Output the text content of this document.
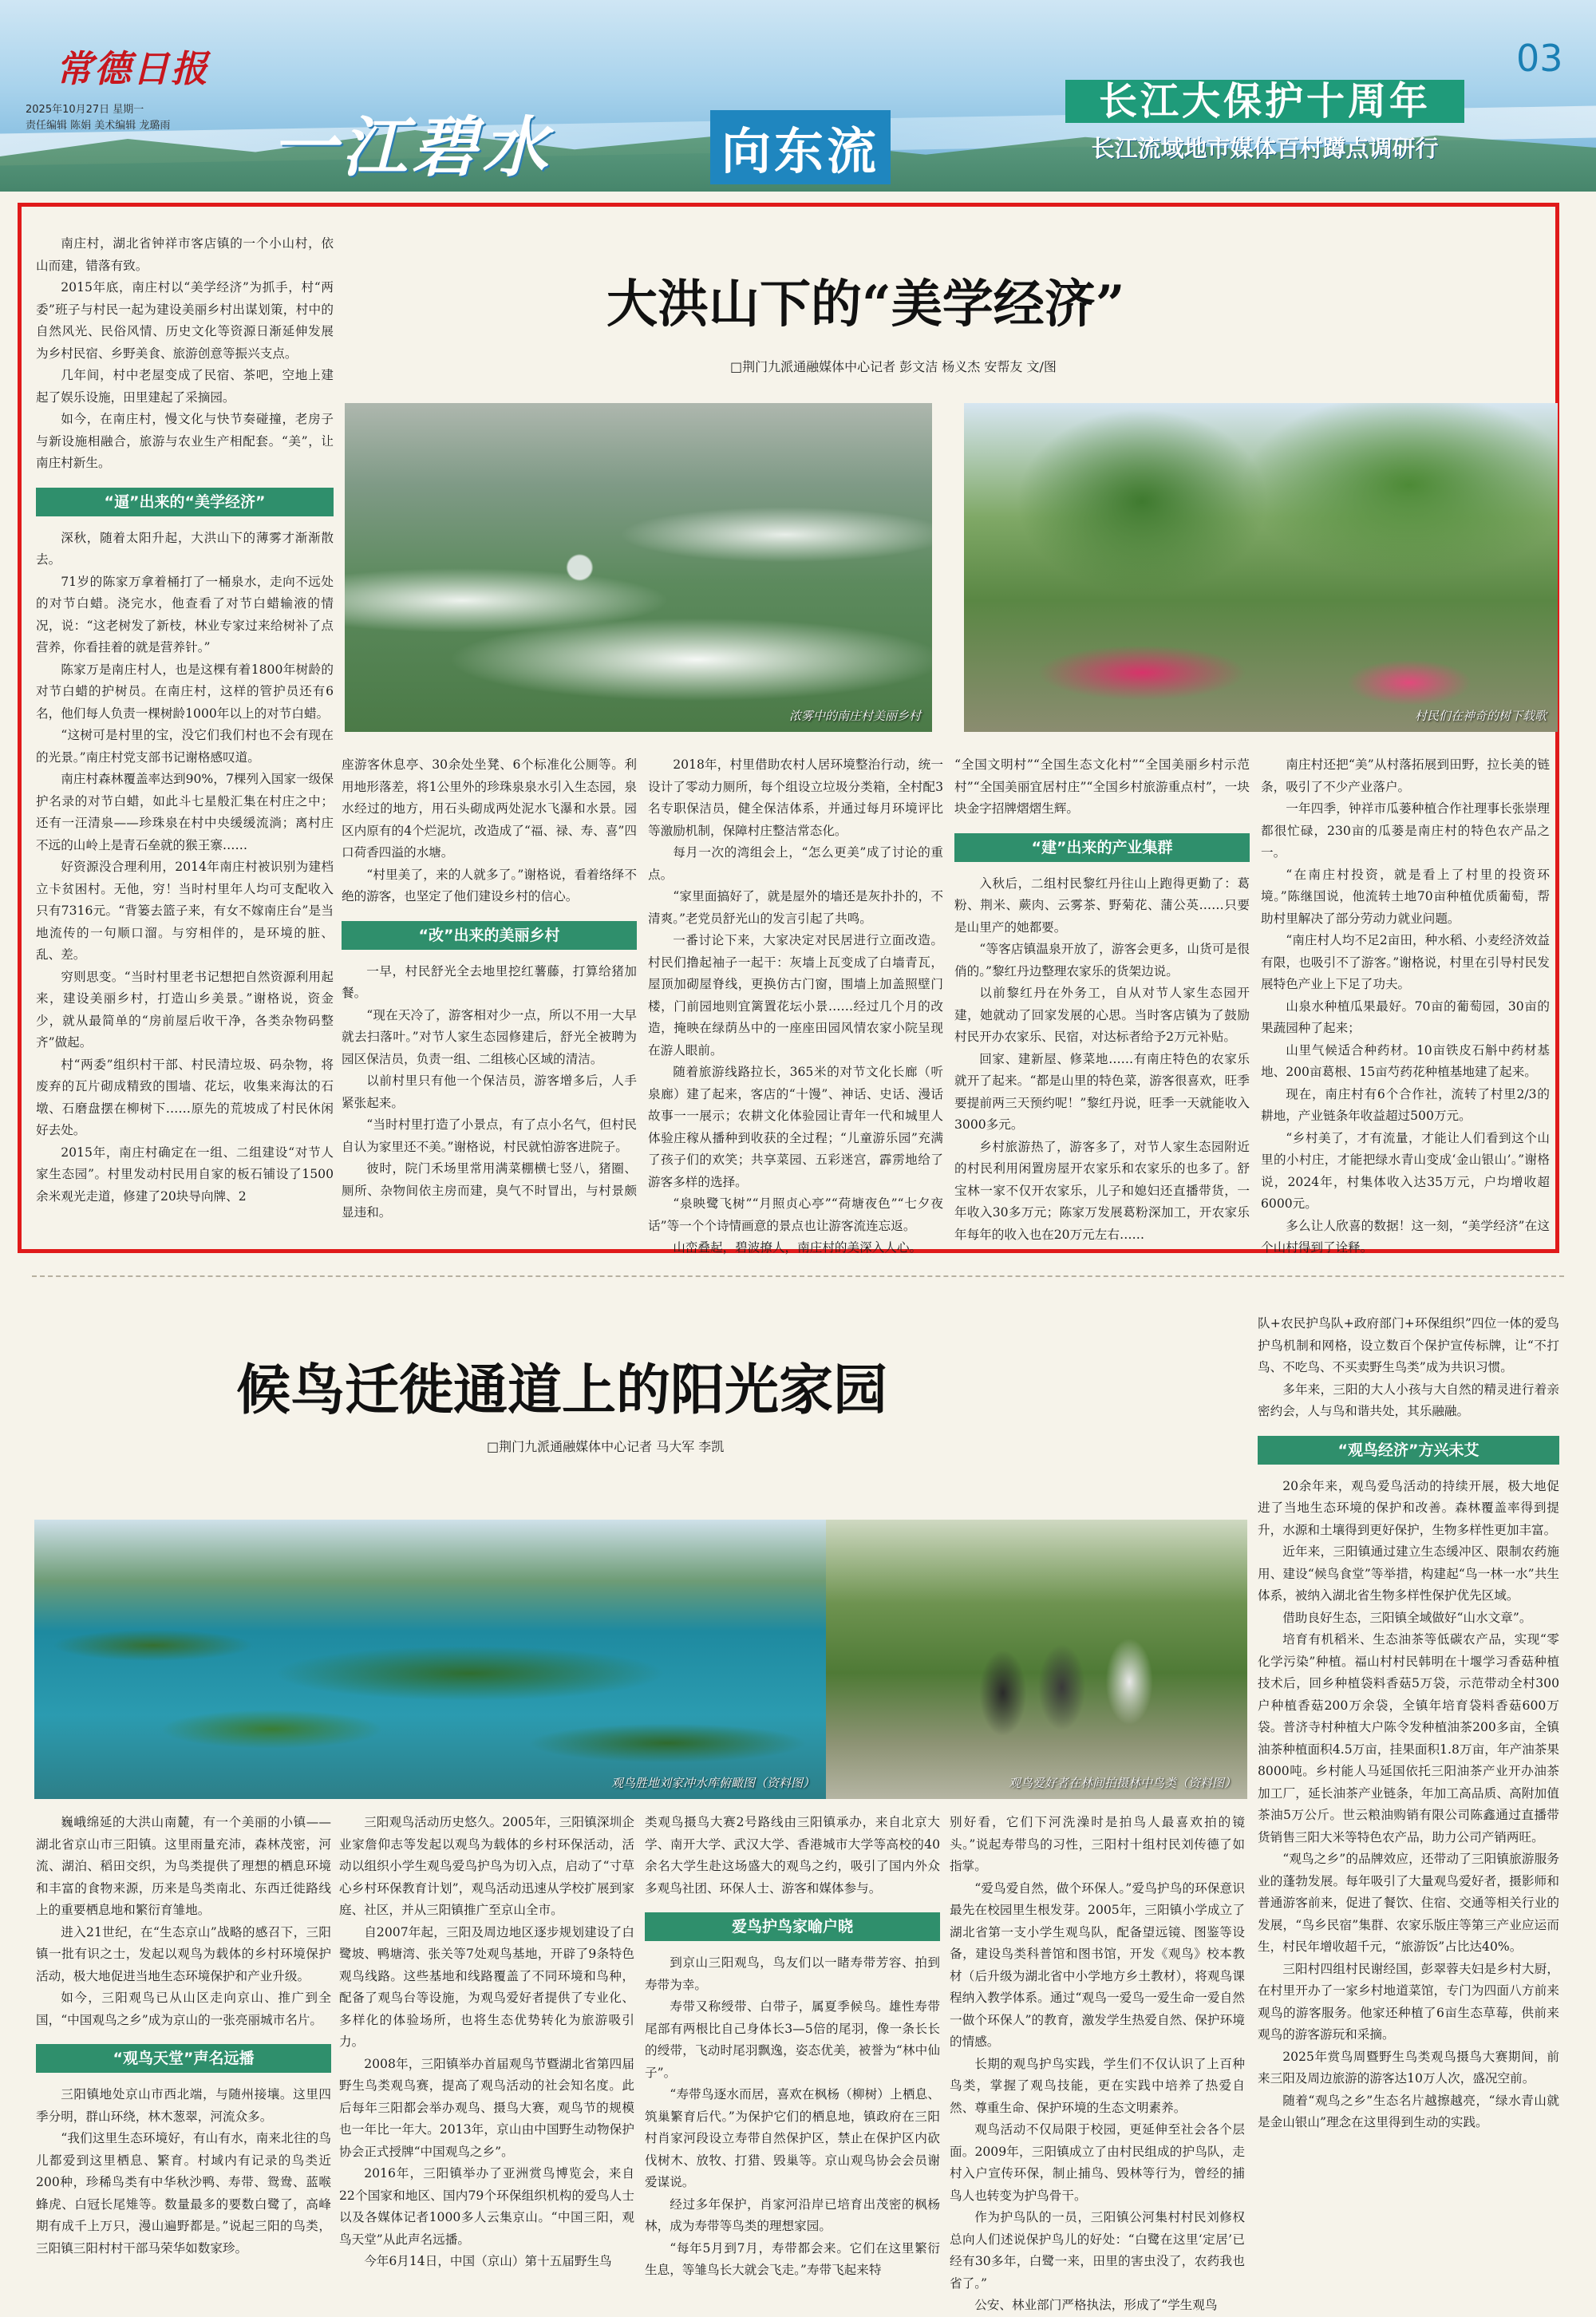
常德日报
2025年10月27日 星期一
责任编辑 陈娟 美术编辑 龙璐雨 一江碧水	向东流
长江大保护十周年
长江流域地市媒体百村蹲点调研行
03
大洪山下的“美学经济”
□荆门九派通融媒体中心记者 彭文洁 杨义杰 安帮友 文/图
浓雾中的南庄村美丽乡村	村民们在神奇的树下载歌

南庄村，湖北省钟祥市客店镇的一个小山村，依山而建，错落有致。

2015年底，南庄村以“美学经济”为抓手，村“两委”班子与村民一起为建设美丽乡村出谋划策，村中的自然风光、民俗风情、历史文化等资源日渐延伸发展为乡村民宿、乡野美食、旅游创意等振兴支点。

几年间，村中老屋变成了民宿、茶吧，空地上建起了娱乐设施，田里建起了采摘园。

如今，在南庄村，慢文化与快节奏碰撞，老房子与新设施相融合，旅游与农业生产相配套。“美”，让南庄村新生。

“逼”出来的“美学经济”

深秋，随着太阳升起，大洪山下的薄雾才渐渐散去。

71岁的陈家万拿着桶打了一桶泉水，走向不远处的对节白蜡。浇完水，他查看了对节白蜡输液的情况，说：“这老树发了新枝，林业专家过来给树补了点营养，你看挂着的就是营养针。”

陈家万是南庄村人，也是这棵有着1800年树龄的对节白蜡的护树员。在南庄村，这样的管护员还有6名，他们每人负责一棵树龄1000年以上的对节白蜡。

“这树可是村里的宝，没它们我们村也不会有现在的光景。”南庄村党支部书记谢格感叹道。

南庄村森林覆盖率达到90%，7棵列入国家一级保护名录的对节白蜡，如此斗七星般汇集在村庄之中；还有一汪清泉——珍珠泉在村中央缓缓流淌；离村庄不远的山岭上是青石垒就的猴王寨……

好资源没合理利用，2014年南庄村被识别为建档立卡贫困村。无他，穷！当时村里年人均可支配收入只有7316元。“背篓去篮子来，有女不嫁南庄台”是当地流传的一句顺口溜。与穷相伴的，是环境的脏、乱、差。

穷则思变。“当时村里老书记想把自然资源利用起来，建设美丽乡村，打造山乡美景。”谢格说，资金少，就从最简单的“房前屋后收干净，各类杂物码整齐”做起。

村“两委”组织村干部、村民清垃圾、码杂物，将废弃的瓦片砌成精致的围墙、花坛，收集来海汰的石墩、石磨盘摆在柳树下……原先的荒坡成了村民休闲好去处。

2015年，南庄村确定在一组、二组建设“对节人家生态园”。村里发动村民用自家的板石铺设了1500余米观光走道，修建了20块导向牌、2

座游客休息亭、30余处坐凳、6个标准化公厕等。利用地形落差，将1公里外的珍珠泉泉水引入生态园，泉水经过的地方，用石头砌成两处泥水飞瀑和水景。园区内原有的4个烂泥坑，改造成了“福、禄、寿、喜”四口荷香四溢的水塘。

“村里美了，来的人就多了。”谢格说，看着络绎不绝的游客，也坚定了他们建设乡村的信心。

“改”出来的美丽乡村

一早，村民舒光全去地里挖红薯藤，打算给猪加餐。

“现在天冷了，游客相对少一点，所以不用一大早就去扫落叶。”对节人家生态园修建后，舒光全被聘为园区保洁员，负责一组、二组核心区域的清洁。

以前村里只有他一个保洁员，游客增多后，人手紧张起来。

“当时村里打造了小景点，有了点小名气，但村民自认为家里还不美。”谢格说，村民就怕游客进院子。

彼时，院门禾场里常用满菜棚横七竖八，猪圈、厕所、杂物间依主房而建，臭气不时冒出，与村景颇显违和。

2018年，村里借助农村人居环境整治行动，统一设计了零动力厕所，每个组设立垃圾分类箱，全村配3名专职保洁员，健全保洁体系，并通过每月环境评比等激励机制，保障村庄整洁常态化。

每月一次的湾组会上，“怎么更美”成了讨论的重点。

“家里面搞好了，就是屋外的墙还是灰扑扑的，不清爽。”老党员舒光山的发言引起了共鸣。

一番讨论下来，大家决定对民居进行立面改造。村民们撸起袖子一起干：灰墙上瓦变成了白墙青瓦，屋顶加砌屋脊线，更换仿古门窗，围墙上加盖照壁门楼，门前园地则宜篱置花坛小景……经过几个月的改造，掩映在绿荫丛中的一座座田园风情农家小院呈现在游人眼前。

随着旅游线路拉长，365米的对节文化长廊（听泉廊）建了起来，客店的“十馒”、神话、史话、漫话故事一一展示；农耕文化体验园让青年一代和城里人体验庄稼从播种到收获的全过程；“儿童游乐园”充满了孩子们的欢笑；共享菜园、五彩迷宫，霹雳地给了游客多样的选择。

“泉映鹭飞树”“月照贞心亭”“荷塘夜色”“七夕夜话”等一个个诗情画意的景点也让游客流连忘返。

山峦叠起，碧波撩人，南庄村的美深入人心。

“全国文明村”“全国生态文化村”“全国美丽乡村示范村”“全国美丽宜居村庄”“全国乡村旅游重点村”，一块块金字招牌熠熠生辉。

“建”出来的产业集群

入秋后，二组村民黎红丹往山上跑得更勤了：葛粉、荆米、蕨肉、云雾茶、野菊花、蒲公英……只要是山里产的她都要。

“等客店镇温泉开放了，游客会更多，山货可是很俏的。”黎红丹边整理农家乐的货架边说。

以前黎红丹在外务工，自从对节人家生态园开建，她就动了回家发展的心思。当时客店镇为了鼓励村民开办农家乐、民宿，对达标者给予2万元补贴。

回家、建新屋、修菜地……有南庄特色的农家乐就开了起来。“都是山里的特色菜，游客很喜欢，旺季要提前两三天预约呢！”黎红丹说，旺季一天就能收入3000多元。

乡村旅游热了，游客多了，对节人家生态园附近的村民利用闲置房屋开农家乐和农家乐的也多了。舒宝林一家不仅开农家乐，儿子和媳妇还直播带货，一年收入30多万元；陈家万发展葛粉深加工，开农家乐年每年的收入也在20万元左右……

南庄村还把“美”从村落拓展到田野，拉长美的链条，吸引了不少产业落户。

一年四季，钟祥市瓜蒌种植合作社理事长张崇理都很忙碌，230亩的瓜蒌是南庄村的特色农产品之一。

“在南庄村投资，就是看上了村里的投资环境。”陈继国说，他流转土地70亩种植优质葡萄，帮助村里解决了部分劳动力就业问题。

“南庄村人均不足2亩田，种水稻、小麦经济效益有限，也吸引不了游客。”谢格说，村里在引导村民发展特色产业上下足了功夫。

山泉水种植瓜果最好。70亩的葡萄园，30亩的果蔬园种了起来；

山里气候适合种药材。10亩铁皮石斛中药材基地、200亩葛根、15亩芍药花种植基地建了起来。

现在，南庄村有6个合作社，流转了村里2/3的耕地，产业链条年收益超过500万元。

“乡村美了，才有流量，才能让人们看到这个山里的小村庄，才能把绿水青山变成‘金山银山’。”谢格说，2024年，村集体收入达35万元，户均增收超6000元。

多么让人欣喜的数据！这一刻，“美学经济”在这个山村得到了诠释。

候鸟迁徙通道上的阳光家园
□荆门九派通融媒体中心记者 马大军 李凯
观鸟胜地刘家冲水库俯瞰图（资料图）	观鸟爱好者在林间拍摄林中鸟类（资料图）

巍峨绵延的大洪山南麓，有一个美丽的小镇——湖北省京山市三阳镇。这里雨量充沛，森林茂密，河流、湖泊、稻田交织，为鸟类提供了理想的栖息环境和丰富的食物来源，历来是鸟类南北、东西迁徙路线上的重要栖息地和繁衍育雏地。

进入21世纪，在“生态京山”战略的感召下，三阳镇一批有识之士，发起以观鸟为载体的乡村环境保护活动，极大地促进当地生态环境保护和产业升级。

如今，三阳观鸟已从山区走向京山、推广到全国，“中国观鸟之乡”成为京山的一张亮丽城市名片。

“观鸟天堂”声名远播

三阳镇地处京山市西北端，与随州接壤。这里四季分明，群山环绕，林木葱翠，河流众多。

“我们这里生态环境好，有山有水，南来北往的鸟儿都爱到这里栖息、繁育。村域内有记录的鸟类近200种，珍稀鸟类有中华秋沙鸭、寿带、鸳鸯、蓝喉蜂虎、白冠长尾雉等。数量最多的要数白鹭了，高峰期有成千上万只，漫山遍野都是。”说起三阳的鸟类，三阳镇三阳村村干部马荣华如数家珍。

三阳观鸟活动历史悠久。2005年，三阳镇深圳企业家詹仰志等发起以观鸟为载体的乡村环保活动，活动以组织小学生观鸟爱鸟护鸟为切入点，启动了“寸草心乡村环保教育计划”，观鸟活动迅速从学校扩展到家庭、社区，并从三阳镇推广至京山全市。

自2007年起，三阳及周边地区逐步规划建设了白鹭坡、鸭塘湾、张关等7处观鸟基地，开辟了9条特色观鸟线路。这些基地和线路覆盖了不同环境和鸟种，配备了观鸟台等设施，为观鸟爱好者提供了专业化、多样化的体验场所，也将生态优势转化为旅游吸引力。

2008年，三阳镇举办首届观鸟节暨湖北省第四届野生鸟类观鸟赛，提高了观鸟活动的社会知名度。此后每年三阳都会举办观鸟、摄鸟大赛，观鸟节的规模也一年比一年大。2013年，京山由中国野生动物保护协会正式授牌“中国观鸟之乡”。

2016年，三阳镇举办了亚洲赏鸟博览会，来自22个国家和地区、国内79个环保组织机构的爱鸟人士以及各媒体记者1000多人云集京山。“中国三阳，观鸟天堂”从此声名远播。

今年6月14日，中国（京山）第十五届野生鸟

类观鸟摄鸟大赛2号路线由三阳镇承办，来自北京大学、南开大学、武汉大学、香港城市大学等高校的40余名大学生赴这场盛大的观鸟之约，吸引了国内外众多观鸟社团、环保人士、游客和媒体参与。

爱鸟护鸟家喻户晓

到京山三阳观鸟，鸟友们以一睹寿带芳容、拍到寿带为幸。

寿带又称绶带、白带子，属夏季候鸟。雄性寿带尾部有两根比自己身体长3—5倍的尾羽，像一条长长的绶带，飞动时尾羽飘逸，姿态优美，被誉为“林中仙子”。

“寿带鸟逐水而居，喜欢在枫杨（柳树）上栖息、筑巢繁育后代。”为保护它们的栖息地，镇政府在三阳村肖家河段设立寿带自然保护区，禁止在保护区内砍伐树木、放牧、打猎、毁巢等。京山观鸟协会会员谢爱谋说。

经过多年保护，肖家河沿岸已培育出茂密的枫杨林，成为寿带等鸟类的理想家园。

“每年5月到7月，寿带都会来。它们在这里繁衍生息，等雏鸟长大就会飞走。”寿带飞起来特

别好看，它们下河洗澡时是拍鸟人最喜欢拍的镜头。”说起寿带鸟的习性，三阳村十组村民刘传德了如指掌。

“爱鸟爱自然，做个环保人。”爱鸟护鸟的环保意识最先在校园里生根发芽。2005年，三阳镇小学成立了湖北省第一支小学生观鸟队，配备望远镜、图鉴等设备，建设鸟类科普馆和图书馆，开发《观鸟》校本教材（后升级为湖北省中小学地方乡土教材），将观鸟课程纳入教学体系。通过“观鸟一爱鸟一爱生命一爱自然一做个环保人”的教育，激发学生热爱自然、保护环境的情感。

长期的观鸟护鸟实践，学生们不仅认识了上百种鸟类，掌握了观鸟技能，更在实践中培养了热爱自然、尊重生命、保护环境的生态文明素养。

观鸟活动不仅局限于校园，更延伸至社会各个层面。2009年，三阳镇成立了由村民组成的护鸟队，走村入户宣传环保，制止捕鸟、毁林等行为，曾经的捕鸟人也转变为护鸟骨干。

作为护鸟队的一员，三阳镇公河集村村民刘修权总向人们述说保护鸟儿的好处：“白鹭在这里‘定居’已经有30多年，白鹭一来，田里的害虫没了，农药我也省了。”

公安、林业部门严格执法，形成了“学生观鸟

队+农民护鸟队+政府部门+环保组织”四位一体的爱鸟护鸟机制和网格，设立数百个保护宣传标牌，让“不打鸟、不吃鸟、不买卖野生鸟类”成为共识习惯。

多年来，三阳的大人小孩与大自然的精灵进行着亲密约会，人与鸟和谐共处，其乐融融。

“观鸟经济”方兴未艾

20余年来，观鸟爱鸟活动的持续开展，极大地促进了当地生态环境的保护和改善。森林覆盖率得到提升，水源和土壤得到更好保护，生物多样性更加丰富。

近年来，三阳镇通过建立生态缓冲区、限制农药施用、建设“候鸟食堂”等举措，构建起“鸟一林一水”共生体系，被纳入湖北省生物多样性保护优先区域。

借助良好生态，三阳镇全域做好“山水文章”。

培育有机稻米、生态油茶等低碳农产品，实现“零化学污染”种植。福山村村民韩明在十堰学习香菇种植技术后，回乡种植袋料香菇5万袋，示范带动全村300户种植香菇200万余袋，全镇年培育袋料香菇600万袋。普济寺村种植大户陈令发种植油茶200多亩，全镇油茶种植面积4.5万亩，挂果面积1.8万亩，年产油茶果8000吨。乡村能人马延国依托三阳油茶产业开办油茶加工厂，延长油茶产业链条，年加工高品质、高附加值茶油5万公斤。世云粮油购销有限公司陈鑫通过直播带货销售三阳大米等特色农产品，助力公司产销两旺。

“观鸟之乡”的品牌效应，还带动了三阳镇旅游服务业的蓬勃发展。每年吸引了大量观鸟爱好者，摄影师和普通游客前来，促进了餐饮、住宿、交通等相关行业的发展，“鸟乡民宿”集群、农家乐版庄等第三产业应运而生，村民年增收超千元，“旅游饭”占比达40%。

三阳村四组村民谢经国，彭翠蓉夫妇是乡村大厨，在村里开办了一家乡村地道菜馆，专门为四面八方前来观鸟的游客服务。他家还种植了6亩生态草莓，供前来观鸟的游客游玩和采摘。

2025年赏鸟周暨野生鸟类观鸟摄鸟大赛期间，前来三阳及周边旅游的游客达10万人次，盛况空前。

随着“观鸟之乡”生态名片越擦越亮，“绿水青山就是金山银山”理念在这里得到生动的实践。
